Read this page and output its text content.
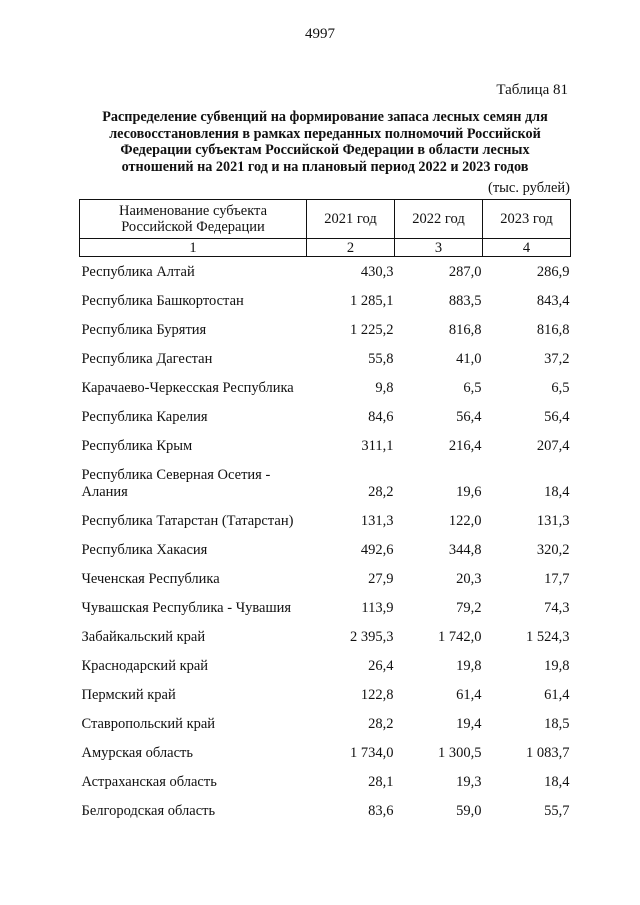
4997
Таблица 81
Распределение субвенций на формирование запаса лесных семян для
лесовосстановления в рамках переданных полномочий Российской
Федерации субъектам Российской Федерации в области лесных
отношений на 2021 год и на плановый период 2022 и 2023 годов
(тыс. рублей)
Наименование субъекта
Российской Федерации	2021 год	2022 год	2023 год
1	2	3	4

Республика Алтай	430,3	287,0	286,9

Республика Башкортостан	1 285,1	883,5	843,4

Республика Бурятия	1 225,2	816,8	816,8

Республика Дагестан	55,8	41,0	37,2

Карачаево-Черкесская Республика	9,8	6,5	6,5

Республика Карелия	84,6	56,4	56,4

Республика Крым	311,1	216,4	207,4

Республика Северная Осетия -
Алания	28,2	19,6	18,4

Республика Татарстан (Татарстан)	131,3	122,0	131,3

Республика Хакасия	492,6	344,8	320,2

Чеченская Республика	27,9	20,3	17,7

Чувашская Республика - Чувашия	113,9	79,2	74,3

Забайкальский край	2 395,3	1 742,0	1 524,3

Краснодарский край	26,4	19,8	19,8

Пермский край	122,8	61,4	61,4

Ставропольский край	28,2	19,4	18,5

Амурская область	1 734,0	1 300,5	1 083,7

Астраханская область	28,1	19,3	18,4

Белгородская область	83,6	59,0	55,7
